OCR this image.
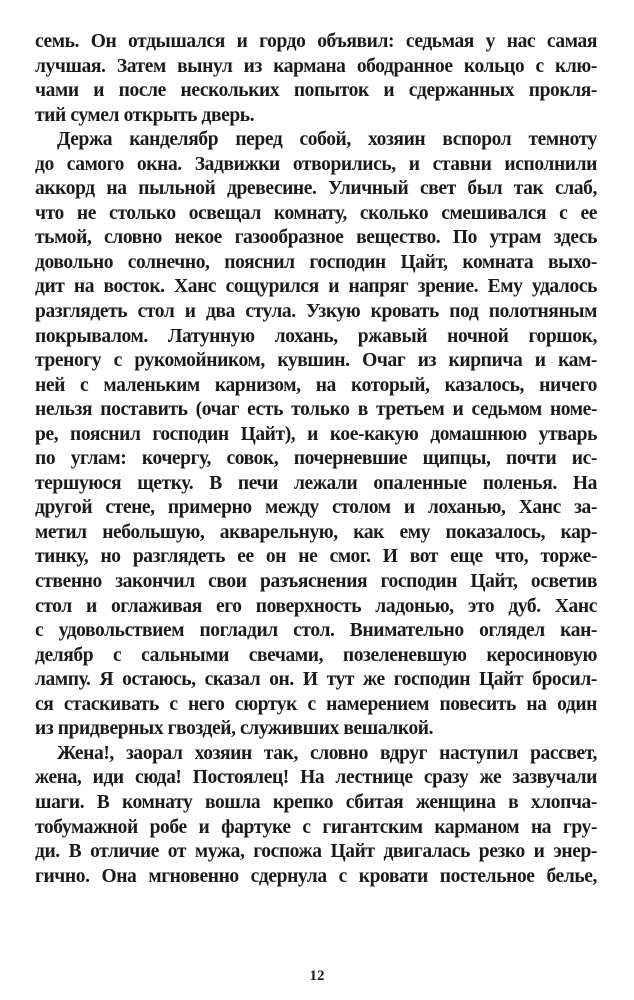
семь. Он отдышался и гордо объявил: седьмая у нас самая
лучшая. Затем вынул из кармана ободранное кольцо с клю-
чами и после нескольких попыток и сдержанных прокля-
тий сумел открыть дверь.
Держа канделябр перед собой, хозяин вспорол темноту
до самого окна. Задвижки отворились, и ставни исполнили
аккорд на пыльной древесине. Уличный свет был так слаб,
что не столько освещал комнату, сколько смешивался с ее
тьмой, словно некое газообразное вещество. По утрам здесь
довольно солнечно, пояснил господин Цайт, комната выхо-
дит на восток. Ханс сощурился и напряг зрение. Ему удалось
разглядеть стол и два стула. Узкую кровать под полотняным
покрывалом. Латунную лохань, ржавый ночной горшок,
треногу с рукомойником, кувшин. Очаг из кирпича и кам-
ней с маленьким карнизом, на который, казалось, ничего
нельзя поставить (очаг есть только в третьем и седьмом номе-
ре, пояснил господин Цайт), и кое-какую домашнюю утварь
по углам: кочергу, совок, почерневшие щипцы, почти ис-
тершуюся щетку. В печи лежали опаленные поленья. На
другой стене, примерно между столом и лоханью, Ханс за-
метил небольшую, акварельную, как ему показалось, кар-
тинку, но разглядеть ее он не смог. И вот еще что, торже-
ственно закончил свои разъяснения господин Цайт, осветив
стол и оглаживая его поверхность ладонью, это дуб. Ханс
с удовольствием погладил стол. Внимательно оглядел кан-
делябр с сальными свечами, позеленевшую керосиновую
лампу. Я остаюсь, сказал он. И тут же господин Цайт бросил-
ся стаскивать с него сюртук с намерением повесить на один
из придверных гвоздей, служивших вешалкой.
Жена!, заорал хозяин так, словно вдруг наступил рассвет,
жена, иди сюда! Постоялец! На лестнице сразу же зазвучали
шаги. В комнату вошла крепко сбитая женщина в хлопча-
тобумажной робе и фартуке с гигантским карманом на гру-
ди. В отличие от мужа, госпожа Цайт двигалась резко и энер-
гично. Она мгновенно сдернула с кровати постельное белье,
12
